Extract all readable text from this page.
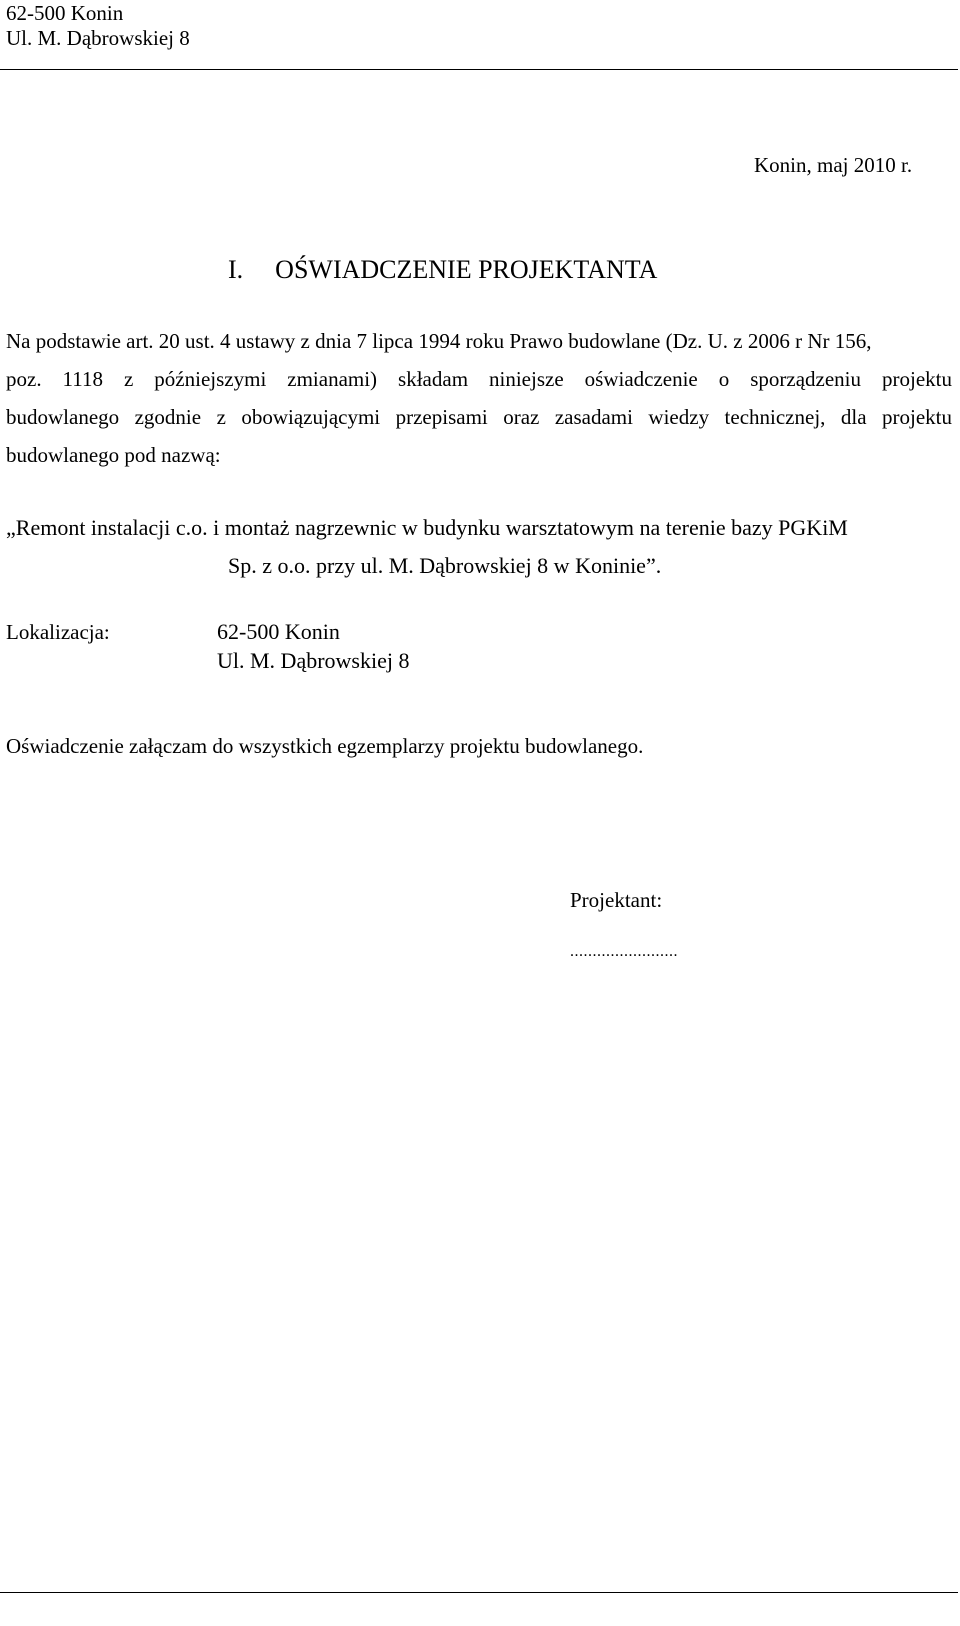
62-500 Konin
Ul. M. Dąbrowskiej 8
Konin, maj 2010 r.
I. OŚWIADCZENIE PROJEKTANTA
Na podstawie art. 20 ust. 4 ustawy z dnia 7 lipca 1994 roku Prawo budowlane (Dz. U. z 2006 r Nr 156,
poz. 1118 z późniejszymi zmianami) składam niniejsze oświadczenie o sporządzeniu projektu
budowlanego zgodnie z obowiązującymi przepisami oraz zasadami wiedzy technicznej, dla projektu
budowlanego pod nazwą:
„Remont instalacji c.o. i montaż nagrzewnic w budynku warsztatowym na terenie bazy PGKiM
Sp. z o.o. przy ul. M. Dąbrowskiej 8 w Koninie”.
Lokalizacja:	62-500 Konin
Ul. M. Dąbrowskiej 8
Oświadczenie załączam do wszystkich egzemplarzy projektu budowlanego.
Projektant:
........................
